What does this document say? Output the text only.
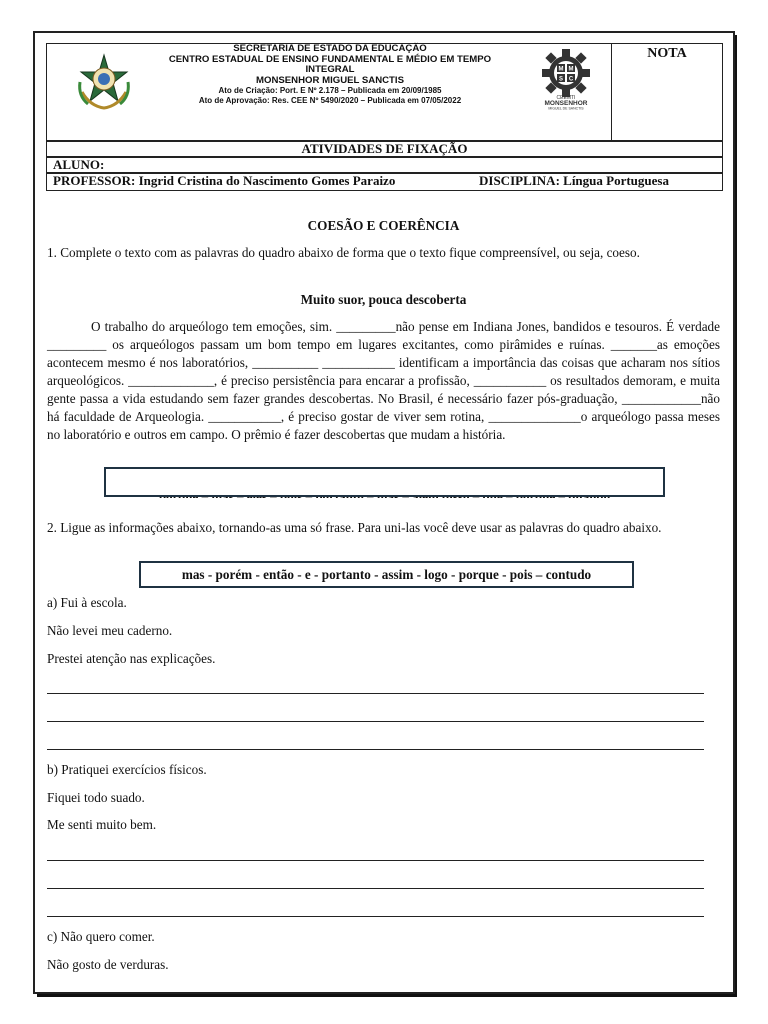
NOTA
SECRETARIA DE ESTADO DA EDUCAÇÃO
CENTRO ESTADUAL DE ENSINO FUNDAMENTAL E MÉDIO EM TEMPO
INTEGRAL
MONSENHOR MIGUEL SANCTIS
Ato de Criação: Port. E Nº 2.178 – Publicada em 20/09/1985
Ato de Aprovação: Res. CEE Nº 5490/2020 – Publicada em 07/05/2022
M M
S C
CEEMTI
MONSENHOR
MIGUEL DE SANCTIS
ATIVIDADES DE FIXAÇÃO
ALUNO:
PROFESSOR: Ingrid Cristina do Nascimento Gomes Paraizo	DISCIPLINA: Língua Portuguesa
COESÃO E COERÊNCIA
1. Complete o texto com as palavras do quadro abaixo de forma que o texto fique compreensível, ou seja, coeso.
Muito suor, pouca descoberta
O trabalho do arqueólogo tem emoções, sim. _________não pense em Indiana Jones, bandidos e tesouros. É verdade _________ os arqueólogos passam um bom tempo em lugares excitantes, como pirâmides e ruínas. _______as emoções acontecem mesmo é nos laboratórios, __________ ___________ identificam a importância das coisas que acharam nos sítios arqueológicos. _____________, é preciso persistência para encarar a profissão, ___________ os resultados demoram, e muita gente passa a vida estudando sem fazer grandes descobertas. No Brasil, é necessário fazer pós-graduação, ____________não há faculdade de Arqueologia. ___________, é preciso gostar de viver sem rotina, ______________o arqueólogo passa meses no laboratório e outros em campo. O prêmio é fazer descobertas que mudam a história.
2. Ligue as informações abaixo, tornando-as uma só frase. Para uni-las você deve usar as palavras do quadro abaixo.
mas - porém - então - e - portanto - assim - logo - porque - pois – contudo
a) Fui à escola.
Não levei meu caderno.
Prestei atenção nas explicações.
b) Pratiquei exercícios físicos.
Fiquei todo suado.
Me senti muito bem.
c) Não quero comer.
Não gosto de verduras.
